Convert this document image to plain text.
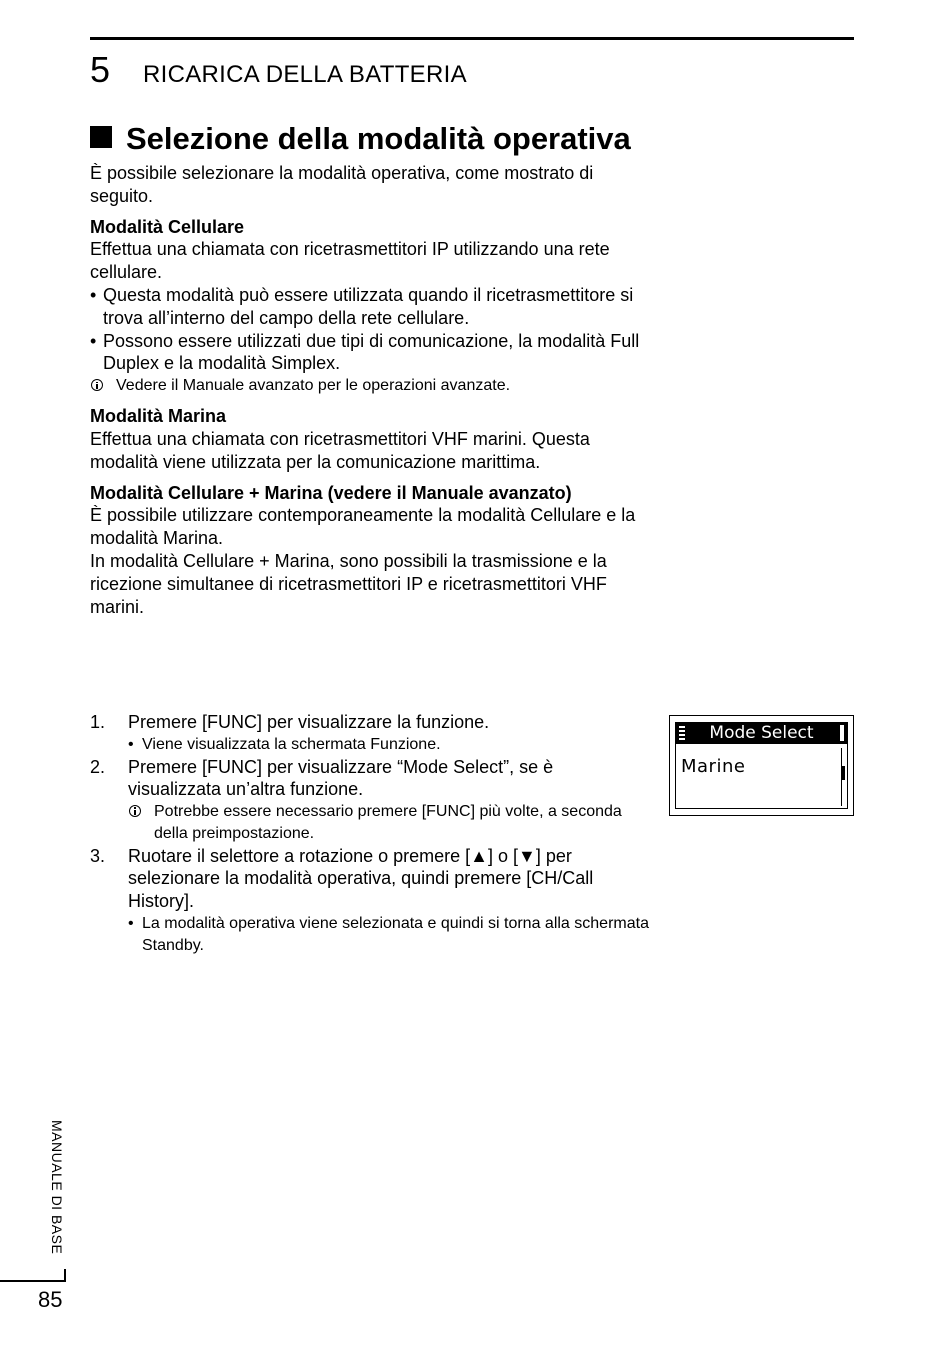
5 RICARICA DELLA BATTERIA
Selezione della modalità operativa

È possibile selezionare la modalità operativa, come mostrato di seguito.

Modalità Cellulare

Effettua una chiamata con ricetrasmettitori IP utilizzando una rete cellulare.

• Questa modalità può essere utilizzata quando il ricetrasmettitore si trova all’interno del campo della rete cellulare.

• Possono essere utilizzati due tipi di comunicazione, la modalità Full Duplex e la modalità Simplex.

Vedere il Manuale avanzato per le operazioni avanzate.

Modalità Marina

Effettua una chiamata con ricetrasmettitori VHF marini. Questa modalità viene utilizzata per la comunicazione marittima.

Modalità Cellulare + Marina (vedere il Manuale avanzato)

È possibile utilizzare contemporaneamente la modalità Cellulare e la modalità Marina.

In modalità Cellulare + Marina, sono possibili la trasmissione e la ricezione simultanee di ricetrasmettitori IP e ricetrasmettitori VHF marini.

1. Premere [FUNC] per visualizzare la funzione.
• Viene visualizzata la schermata Funzione.
2. Premere [FUNC] per visualizzare “Mode Select”, se è visualizzata un’altra funzione.
Potrebbe essere necessario premere [FUNC] più volte, a seconda della preimpostazione.
3. Ruotare il selettore a rotazione o premere [▲] o [▼] per selezionare la modalità operativa, quindi premere [CH/Call History].
• La modalità operativa viene selezionata e quindi si torna alla schermata Standby.
Mode Select
Marine
MANUALE DI BASE
85
